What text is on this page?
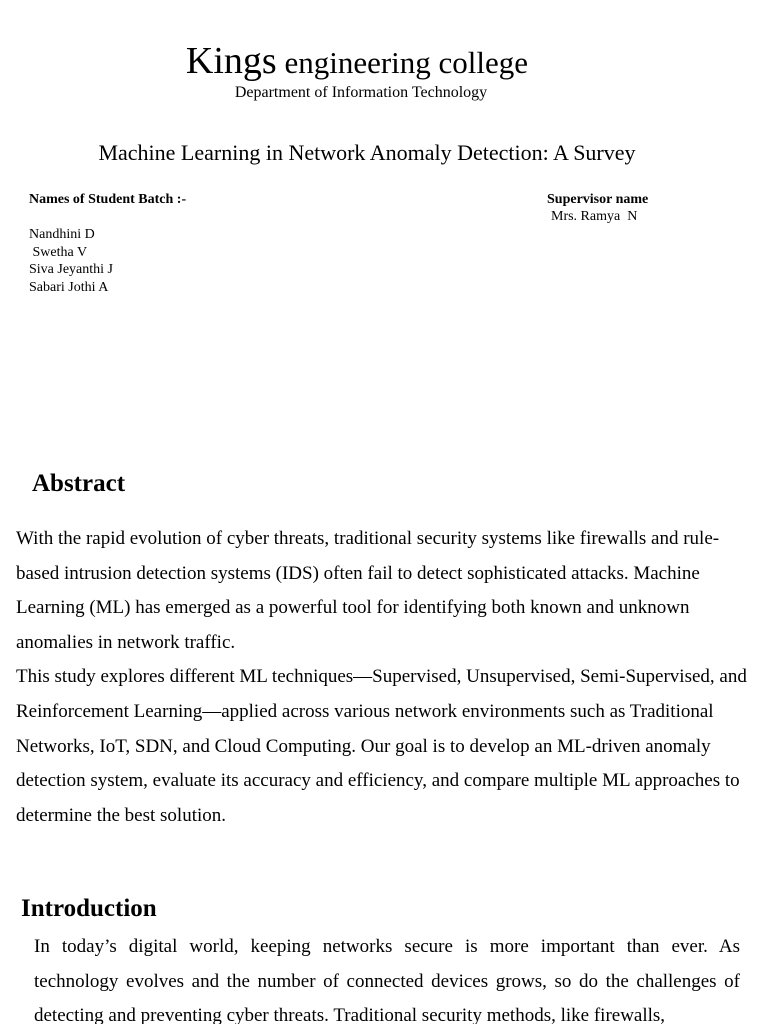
Kings engineering college
Department of Information Technology
Machine Learning in Network Anomaly Detection: A Survey
Names of Student Batch :-
Nandhini D
Swetha V
Siva Jeyanthi J
Sabari Jothi A
Supervisor name
Mrs. Ramya  N
Abstract

With the rapid evolution of cyber threats, traditional security systems like firewalls and rule-based intrusion detection systems (IDS) often fail to detect sophisticated attacks. Machine Learning (ML) has emerged as a powerful tool for identifying both known and unknown anomalies in network traffic.

This study explores different ML techniques—Supervised, Unsupervised, Semi-Supervised, and Reinforcement Learning—applied across various network environments such as Traditional Networks, IoT, SDN, and Cloud Computing. Our goal is to develop an ML-driven anomaly detection system, evaluate its accuracy and efficiency, and compare multiple ML approaches to determine the best solution.

Introduction

In today’s digital world, keeping networks secure is more important than ever. As technology evolves and the number of connected devices grows, so do the challenges of detecting and preventing cyber threats. Traditional security methods, like firewalls,
